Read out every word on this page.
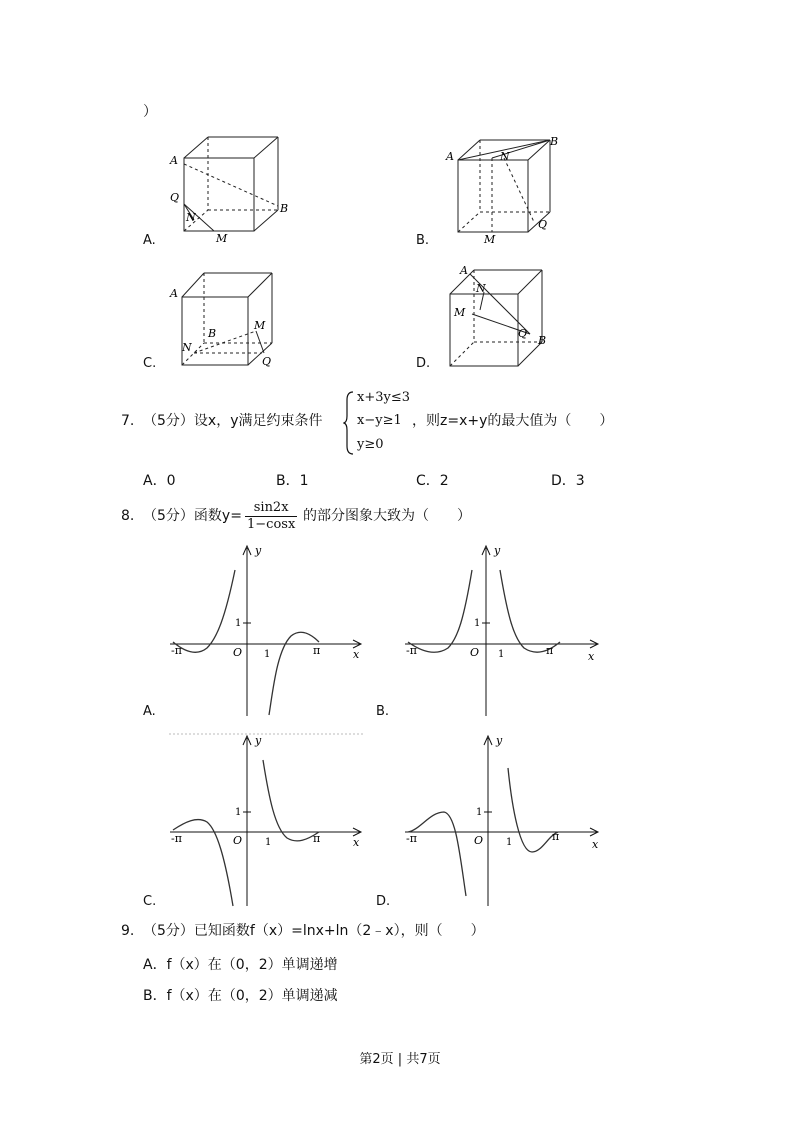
）
A
Q
N
B
M
A.
A	N
B
Q
M
B.
A
B
N
M
Q
C.
A
N
M
Q
B
D.
7. （5分）设x，y满足约束条件
x+3y≤3
x−y≥1
y≥0
，则z=x+y的最大值为（　　）
A．0	B．1	C．2	D．3
8. （5分）函数$y= \frac{\sin 2x}{1-\cos x}$ 的部分图象大致为（　　）
y
x
O
1
1	π
-π
A.
y
x
O
1
1	π
-π
B.
y
x
O
1
1	π
-π
C.
y
x
O
1
1	π
-π
D.
9. （5分）已知函数f（x）=lnx+ln（2﹣x），则（　　）
A．f（x）在（0，2）单调递增
B．f（x）在（0，2）单调递减
第2页 | 共7页
